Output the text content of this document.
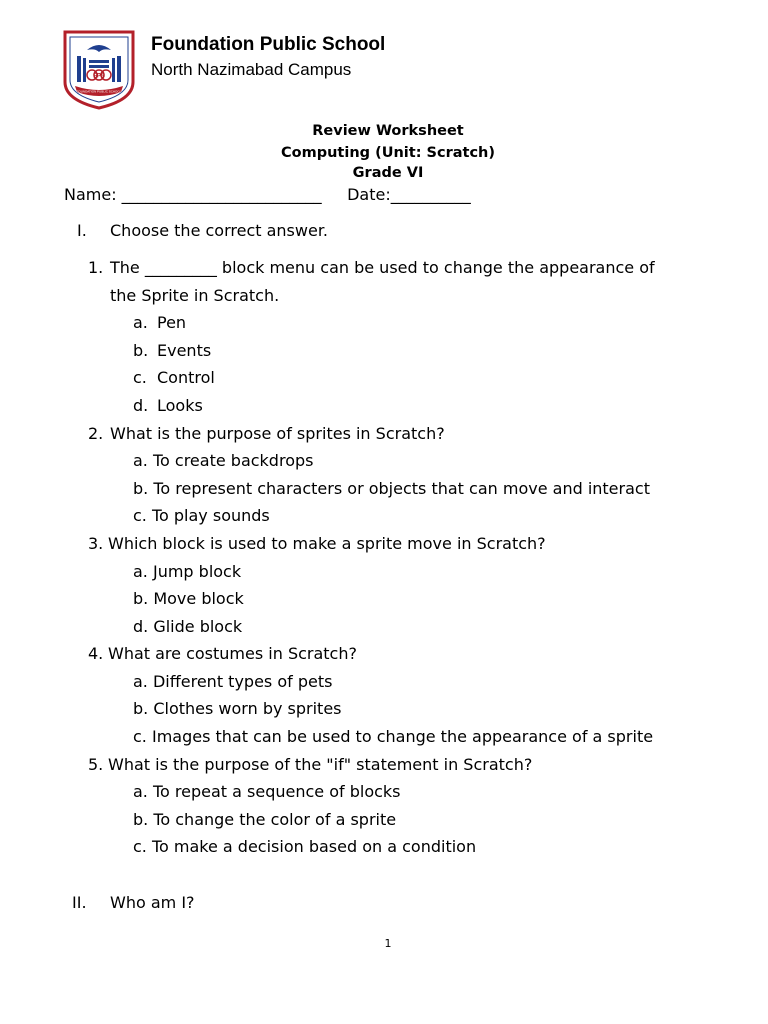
FPS
FOUNDATION PUBLIC SCHOOL
Foundation Public School
North Nazimabad Campus
Review Worksheet
Computing (Unit: Scratch)
Grade VI
Name: _________________________     Date:__________
I. Choose the correct answer.
1. The _________ block menu can be used to change the appearance of
the Sprite in Scratch.
a. Pen
b. Events
c. Control
d. Looks
2. What is the purpose of sprites in Scratch?
a. To create backdrops
b. To represent characters or objects that can move and interact
c. To play sounds
3. Which block is used to make a sprite move in Scratch?
a. Jump block
b. Move block
d. Glide block
4. What are costumes in Scratch?
a. Different types of pets
b. Clothes worn by sprites
c. Images that can be used to change the appearance of a sprite
5. What is the purpose of the "if" statement in Scratch?
a. To repeat a sequence of blocks
b. To change the color of a sprite
c. To make a decision based on a condition
II. Who am I?
1
